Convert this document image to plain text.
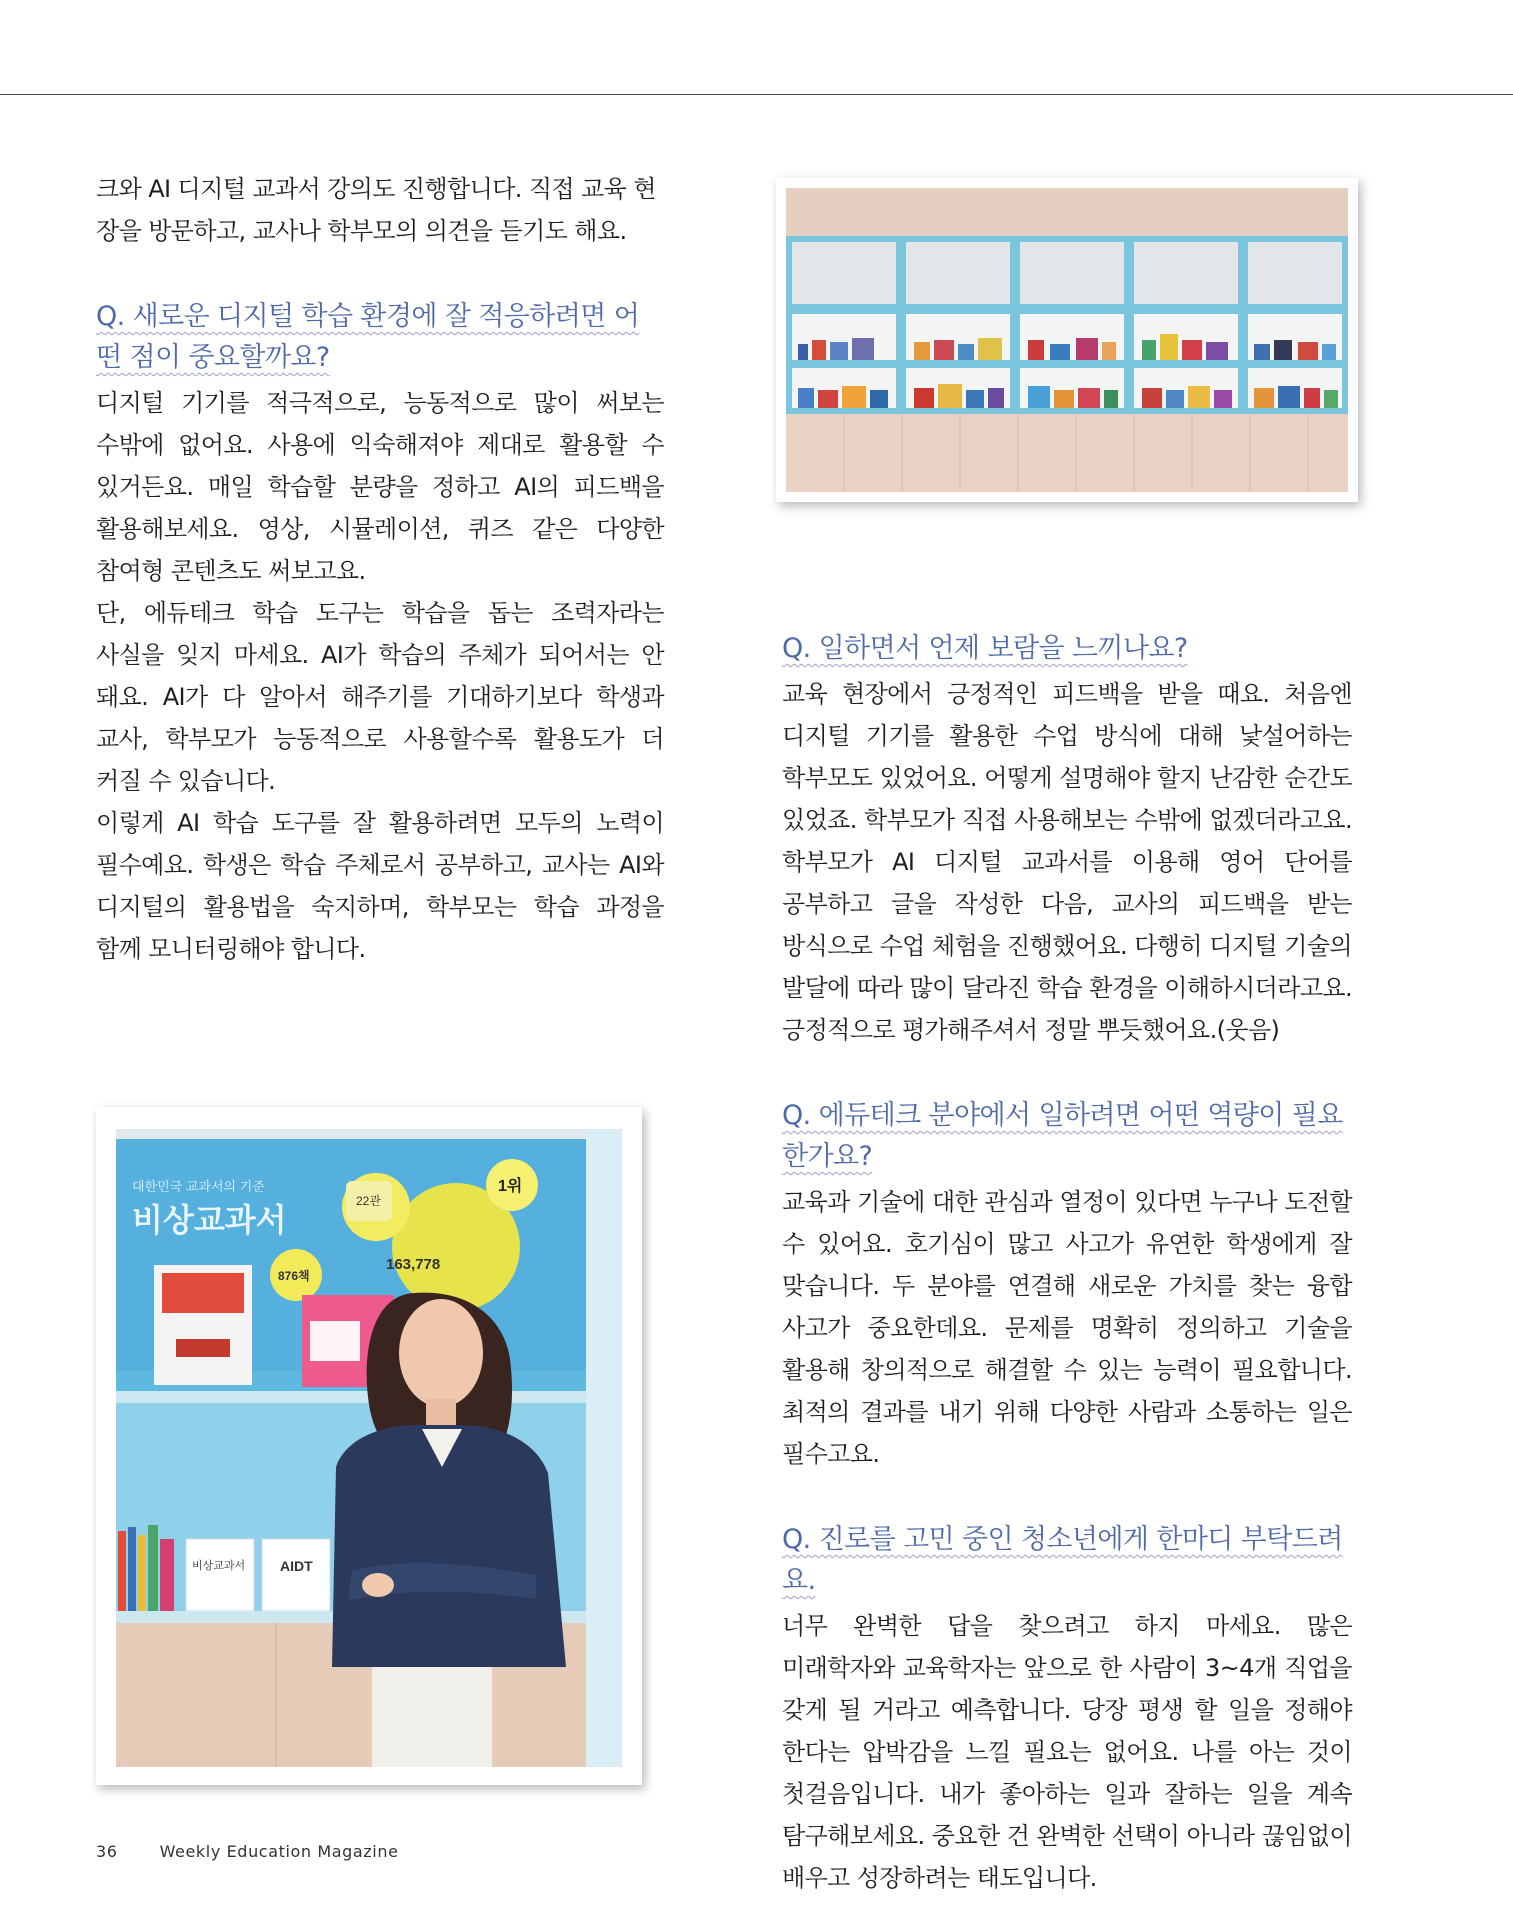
크와 AI 디지털 교과서 강의도 진행합니다. 직접 교육 현

장을 방문하고, 교사나 학부모의 의견을 듣기도 해요.

Q. 새로운 디지털 학습 환경에 잘 적응하려면 어떤 점이 중요할까요?

디지털 기기를 적극적으로, 능동적으로 많이 써보는 수밖에 없어요. 사용에 익숙해져야 제대로 활용할 수 있거든요. 매일 학습할 분량을 정하고 AI의 피드백을 활용해보세요. 영상, 시뮬레이션, 퀴즈 같은 다양한 참여형 콘텐츠도 써보고요.

단, 에듀테크 학습 도구는 학습을 돕는 조력자라는 사실을 잊지 마세요. AI가 학습의 주체가 되어서는 안 돼요. AI가 다 알아서 해주기를 기대하기보다 학생과 교사, 학부모가 능동적으로 사용할수록 활용도가 더 커질 수 있습니다.

이렇게 AI 학습 도구를 잘 활용하려면 모두의 노력이 필수예요. 학생은 학습 주체로서 공부하고, 교사는 AI와 디지털의 활용법을 숙지하며, 학부모는 학습 과정을 함께 모니터링해야 합니다.

Q. 일하면서 언제 보람을 느끼나요?

교육 현장에서 긍정적인 피드백을 받을 때요. 처음엔 디지털 기기를 활용한 수업 방식에 대해 낯설어하는 학부모도 있었어요. 어떻게 설명해야 할지 난감한 순간도 있었죠. 학부모가 직접 사용해보는 수밖에 없겠더라고요. 학부모가 AI 디지털 교과서를 이용해 영어 단어를 공부하고 글을 작성한 다음, 교사의 피드백을 받는 방식으로 수업 체험을 진행했어요. 다행히 디지털 기술의 발달에 따라 많이 달라진 학습 환경을 이해하시더라고요. 긍정적으로 평가해주셔서 정말 뿌듯했어요.(웃음)

Q. 에듀테크 분야에서 일하려면 어떤 역량이 필요한가요?

교육과 기술에 대한 관심과 열정이 있다면 누구나 도전할 수 있어요. 호기심이 많고 사고가 유연한 학생에게 잘 맞습니다. 두 분야를 연결해 새로운 가치를 찾는 융합 사고가 중요한데요. 문제를 명확히 정의하고 기술을 활용해 창의적으로 해결할 수 있는 능력이 필요합니다. 최적의 결과를 내기 위해 다양한 사람과 소통하는 일은 필수고요.

Q. 진로를 고민 중인 청소년에게 한마디 부탁드려요.

너무 완벽한 답을 찾으려고 하지 마세요. 많은 미래학자와 교육학자는 앞으로 한 사람이 3~4개 직업을 갖게 될 거라고 예측합니다. 당장 평생 할 일을 정해야 한다는 압박감을 느낄 필요는 없어요. 나를 아는 것이 첫걸음입니다. 내가 좋아하는 일과 잘하는 일을 계속 탐구해보세요. 중요한 건 완벽한 선택이 아니라 끊임없이 배우고 성장하려는 태도입니다.

대한민국 교과서의 기준
비상교과서
22관
1위
163,778
876책
비상교과서 AIDT
36	Weekly Education Magazine
